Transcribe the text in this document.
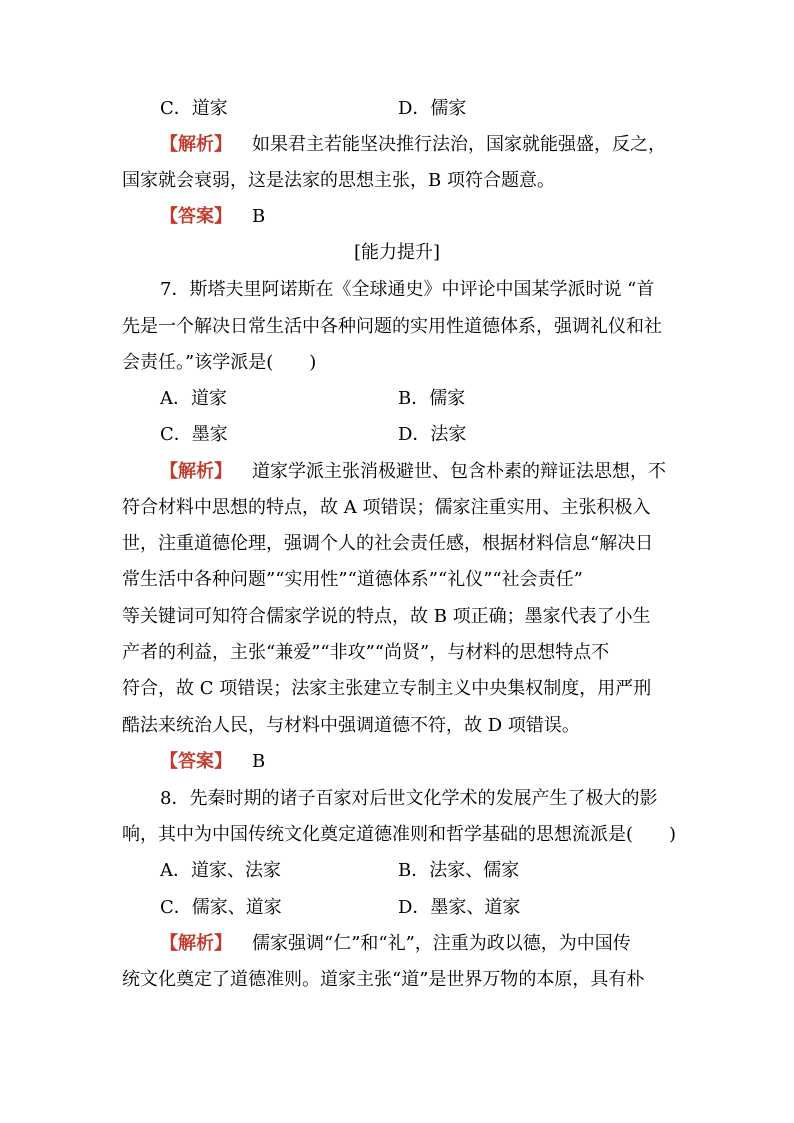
C．道家	D．儒家
【解析】 如果君主若能坚决推行法治，国家就能强盛，反之，
国家就会衰弱，这是法家的思想主张，B 项符合题意。
【答案】 B
[能力提升]
7．斯塔夫里阿诺斯在《全球通史》中评论中国某学派时说 “首
先是一个解决日常生活中各种问题的实用性道德体系，强调礼仪和社
会责任。”该学派是(　　)
A．道家	B．儒家
C．墨家	D．法家
【解析】 道家学派主张消极避世、包含朴素的辩证法思想，不
符合材料中思想的特点，故 A 项错误；儒家注重实用、主张积极入
世，注重道德伦理，强调个人的社会责任感，根据材料信息“解决日
常生活中各种问题”“实用性”“道德体系”“礼仪”“社会责任”
等关键词可知符合儒家学说的特点，故 B 项正确；墨家代表了小生
产者的利益，主张“兼爱”“非攻”“尚贤”，与材料的思想特点不
符合，故 C 项错误；法家主张建立专制主义中央集权制度，用严刑
酷法来统治人民，与材料中强调道德不符，故 D 项错误。
【答案】 B
8．先秦时期的诸子百家对后世文化学术的发展产生了极大的影
响，其中为中国传统文化奠定道德准则和哲学基础的思想流派是(　　)
A．道家、法家	B．法家、儒家
C．儒家、道家	D．墨家、道家
【解析】 儒家强调“仁”和“礼”，注重为政以德，为中国传
统文化奠定了道德准则。道家主张“道”是世界万物的本原，具有朴
